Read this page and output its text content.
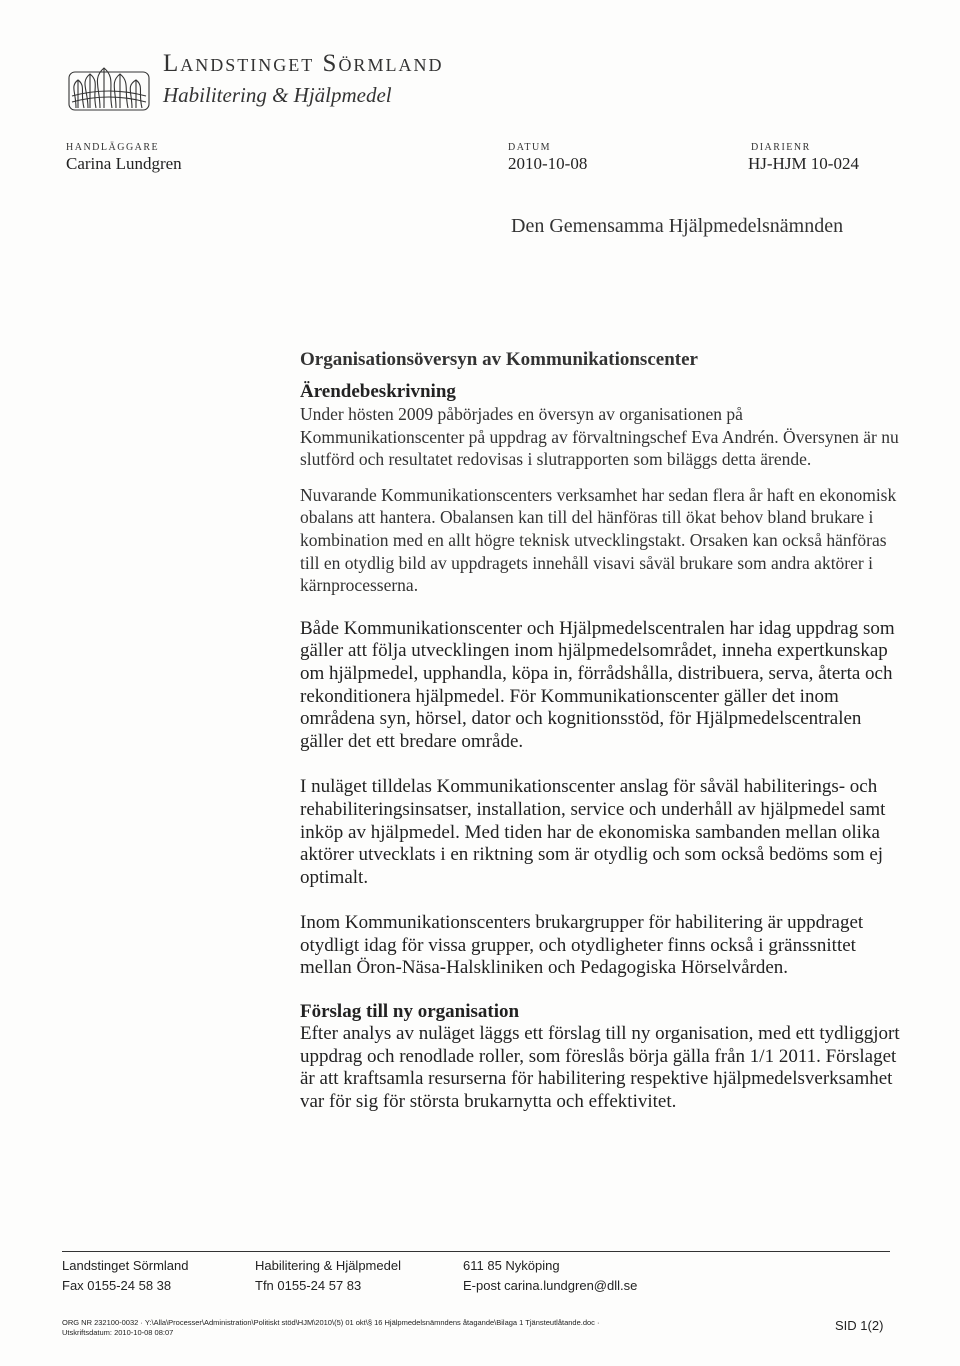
Landstinget Sörmland
Habilitering & Hjälpmedel
HANDLÄGGARE
Carina Lundgren
DATUM
2010-10-08
DIARIENR
HJ-HJM 10-024
Den Gemensamma Hjälpmedelsnämnden

Organisationsöversyn av Kommunikationscenter

Ärendebeskrivning

Under hösten 2009 påbörjades en översyn av organisationen på Kommunikationscenter på uppdrag av förvaltningschef Eva Andrén. Översynen är nu slutförd och resultatet redovisas i slutrapporten som biläggs detta ärende.

Nuvarande Kommunikationscenters verksamhet har sedan flera år haft en ekonomisk obalans att hantera. Obalansen kan till del hänföras till ökat behov bland brukare i kombination med en allt högre teknisk utvecklingstakt. Orsaken kan också hänföras till en otydlig bild av uppdragets innehåll visavi såväl brukare som andra aktörer i kärnprocesserna.

Både Kommunikationscenter och Hjälpmedelscentralen har idag uppdrag som gäller att följa utvecklingen inom hjälpmedelsområdet, inneha expertkunskap om hjälpmedel, upphandla, köpa in, förrådshålla, distribuera, serva, återta och rekonditionera hjälpmedel. För Kommunikationscenter gäller det inom områdena syn, hörsel, dator och kognitionsstöd, för Hjälpmedelscentralen gäller det ett bredare område.

I nuläget tilldelas Kommunikationscenter anslag för såväl habiliterings- och rehabiliteringsinsatser, installation, service och underhåll av hjälpmedel samt inköp av hjälpmedel. Med tiden har de ekonomiska sambanden mellan olika aktörer utvecklats i en riktning som är otydlig och som också bedöms som ej optimalt.

Inom Kommunikationscenters brukargrupper för habilitering är uppdraget otydligt idag för vissa grupper, och otydligheter finns också i gränssnittet mellan Öron-Näsa-Halskliniken och Pedagogiska Hörselvården.

Förslag till ny organisation

Efter analys av nuläget läggs ett förslag till ny organisation, med ett tydliggjort uppdrag och renodlade roller, som föreslås börja gälla från 1/1 2011. Förslaget är att kraftsamla resurserna för habilitering respektive hjälpmedelsverksamhet var för sig för största brukarnytta och effektivitet.

Landstinget Sörmland
Fax 0155-24 58 38
Habilitering & Hjälpmedel
Tfn 0155-24 57 83
611 85 Nyköping
E-post carina.lundgren@dll.se
ORG NR 232100-0032 · Y:\Alla\Processer\Administration\Politiskt stöd\HJM\2010\(5) 01 okt\§ 16 Hjälpmedelsnämndens åtagande\Bilaga 1 Tjänsteutlåtande.doc ·
Utskriftsdatum: 2010-10-08 08:07	SID 1(2)
